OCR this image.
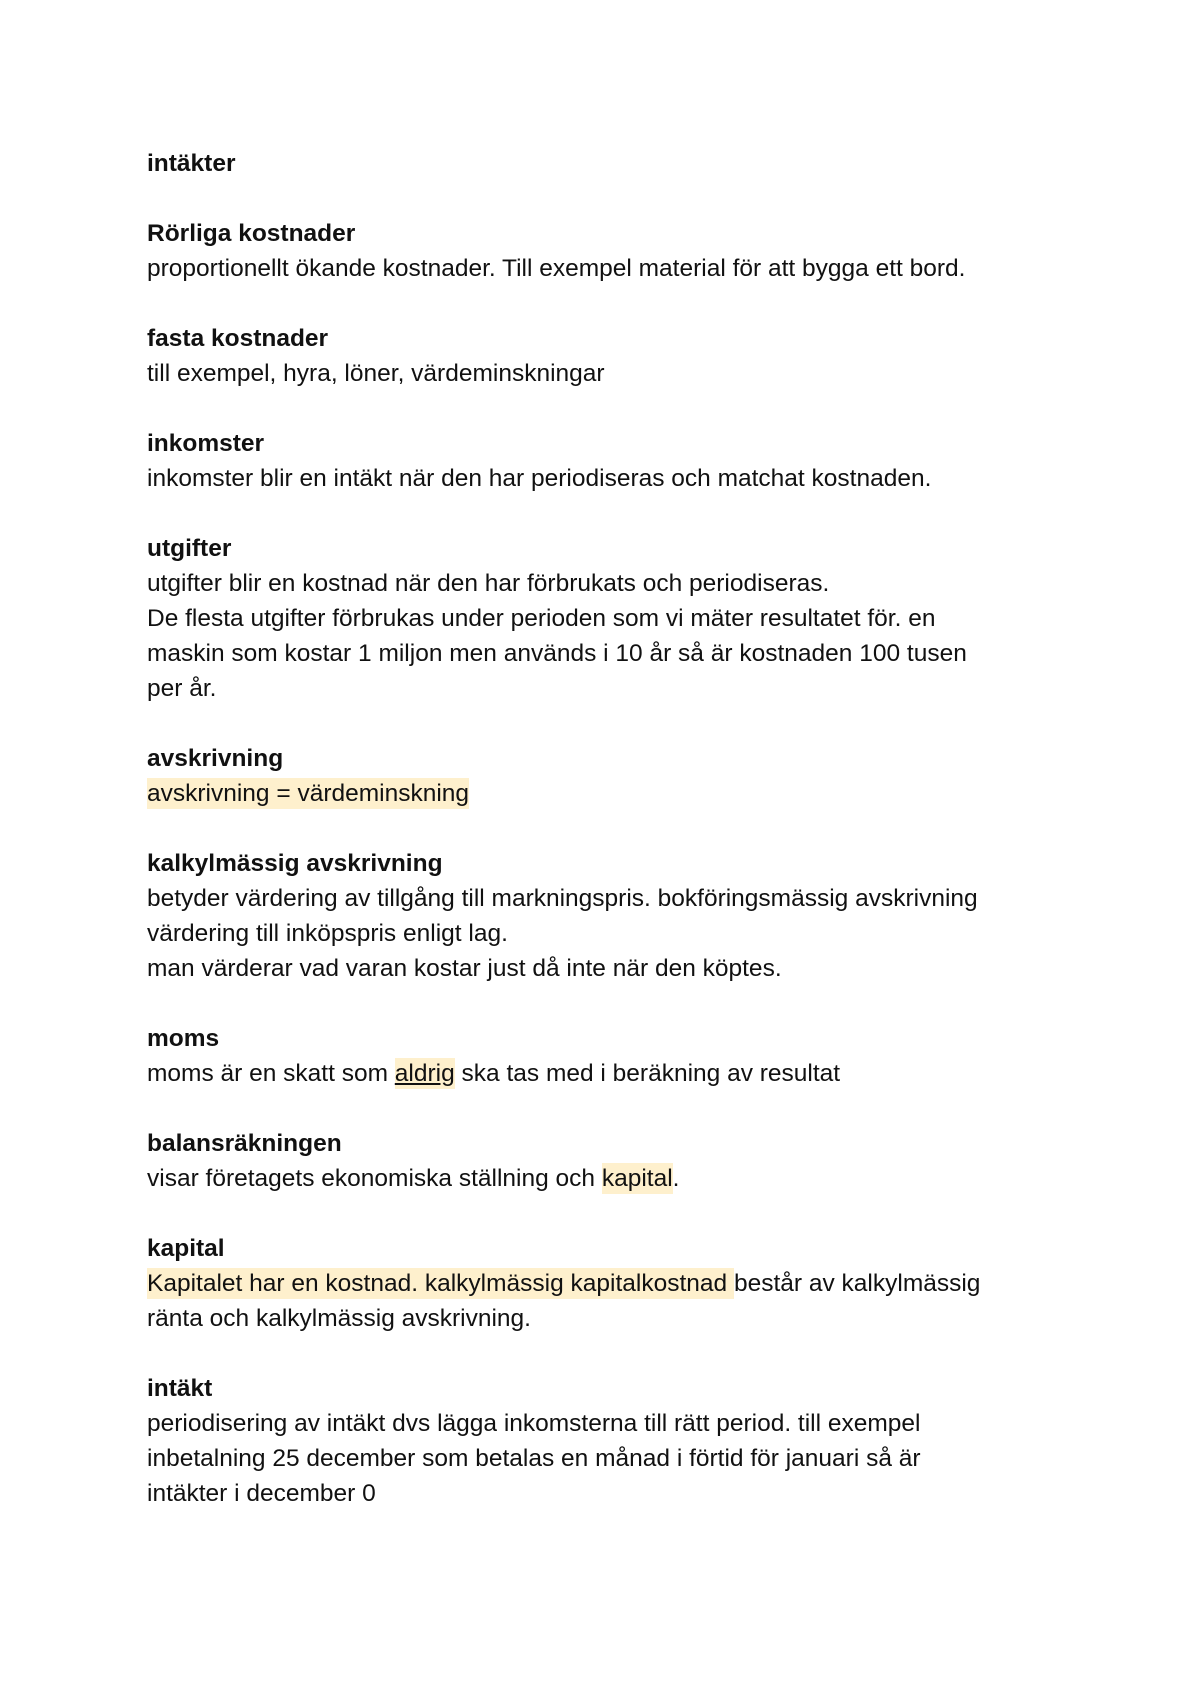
intäkter

Rörliga kostnader

proportionellt ökande kostnader. Till exempel material för att bygga ett bord.

fasta kostnader

till exempel, hyra, löner, värdeminskningar

inkomster

inkomster blir en intäkt när den har periodiseras och matchat kostnaden.

utgifter

utgifter blir en kostnad när den har förbrukats och periodiseras.

De flesta utgifter förbrukas under perioden som vi mäter resultatet för. en

maskin som kostar 1 miljon men används i 10 år så är kostnaden 100 tusen

per år.

avskrivning

avskrivning = värdeminskning

kalkylmässig avskrivning

betyder värdering av tillgång till markningspris. bokföringsmässig avskrivning

värdering till inköpspris enligt lag.

man värderar vad varan kostar just då inte när den köptes.

moms

moms är en skatt som aldrig ska tas med i beräkning av resultat

balansräkningen

visar företagets ekonomiska ställning och kapital.

kapital

Kapitalet har en kostnad. kalkylmässig kapitalkostnad består av kalkylmässig

ränta och kalkylmässig avskrivning.

intäkt

periodisering av intäkt dvs lägga inkomsterna till rätt period. till exempel

inbetalning 25 december som betalas en månad i förtid för januari så är

intäkter i december 0
